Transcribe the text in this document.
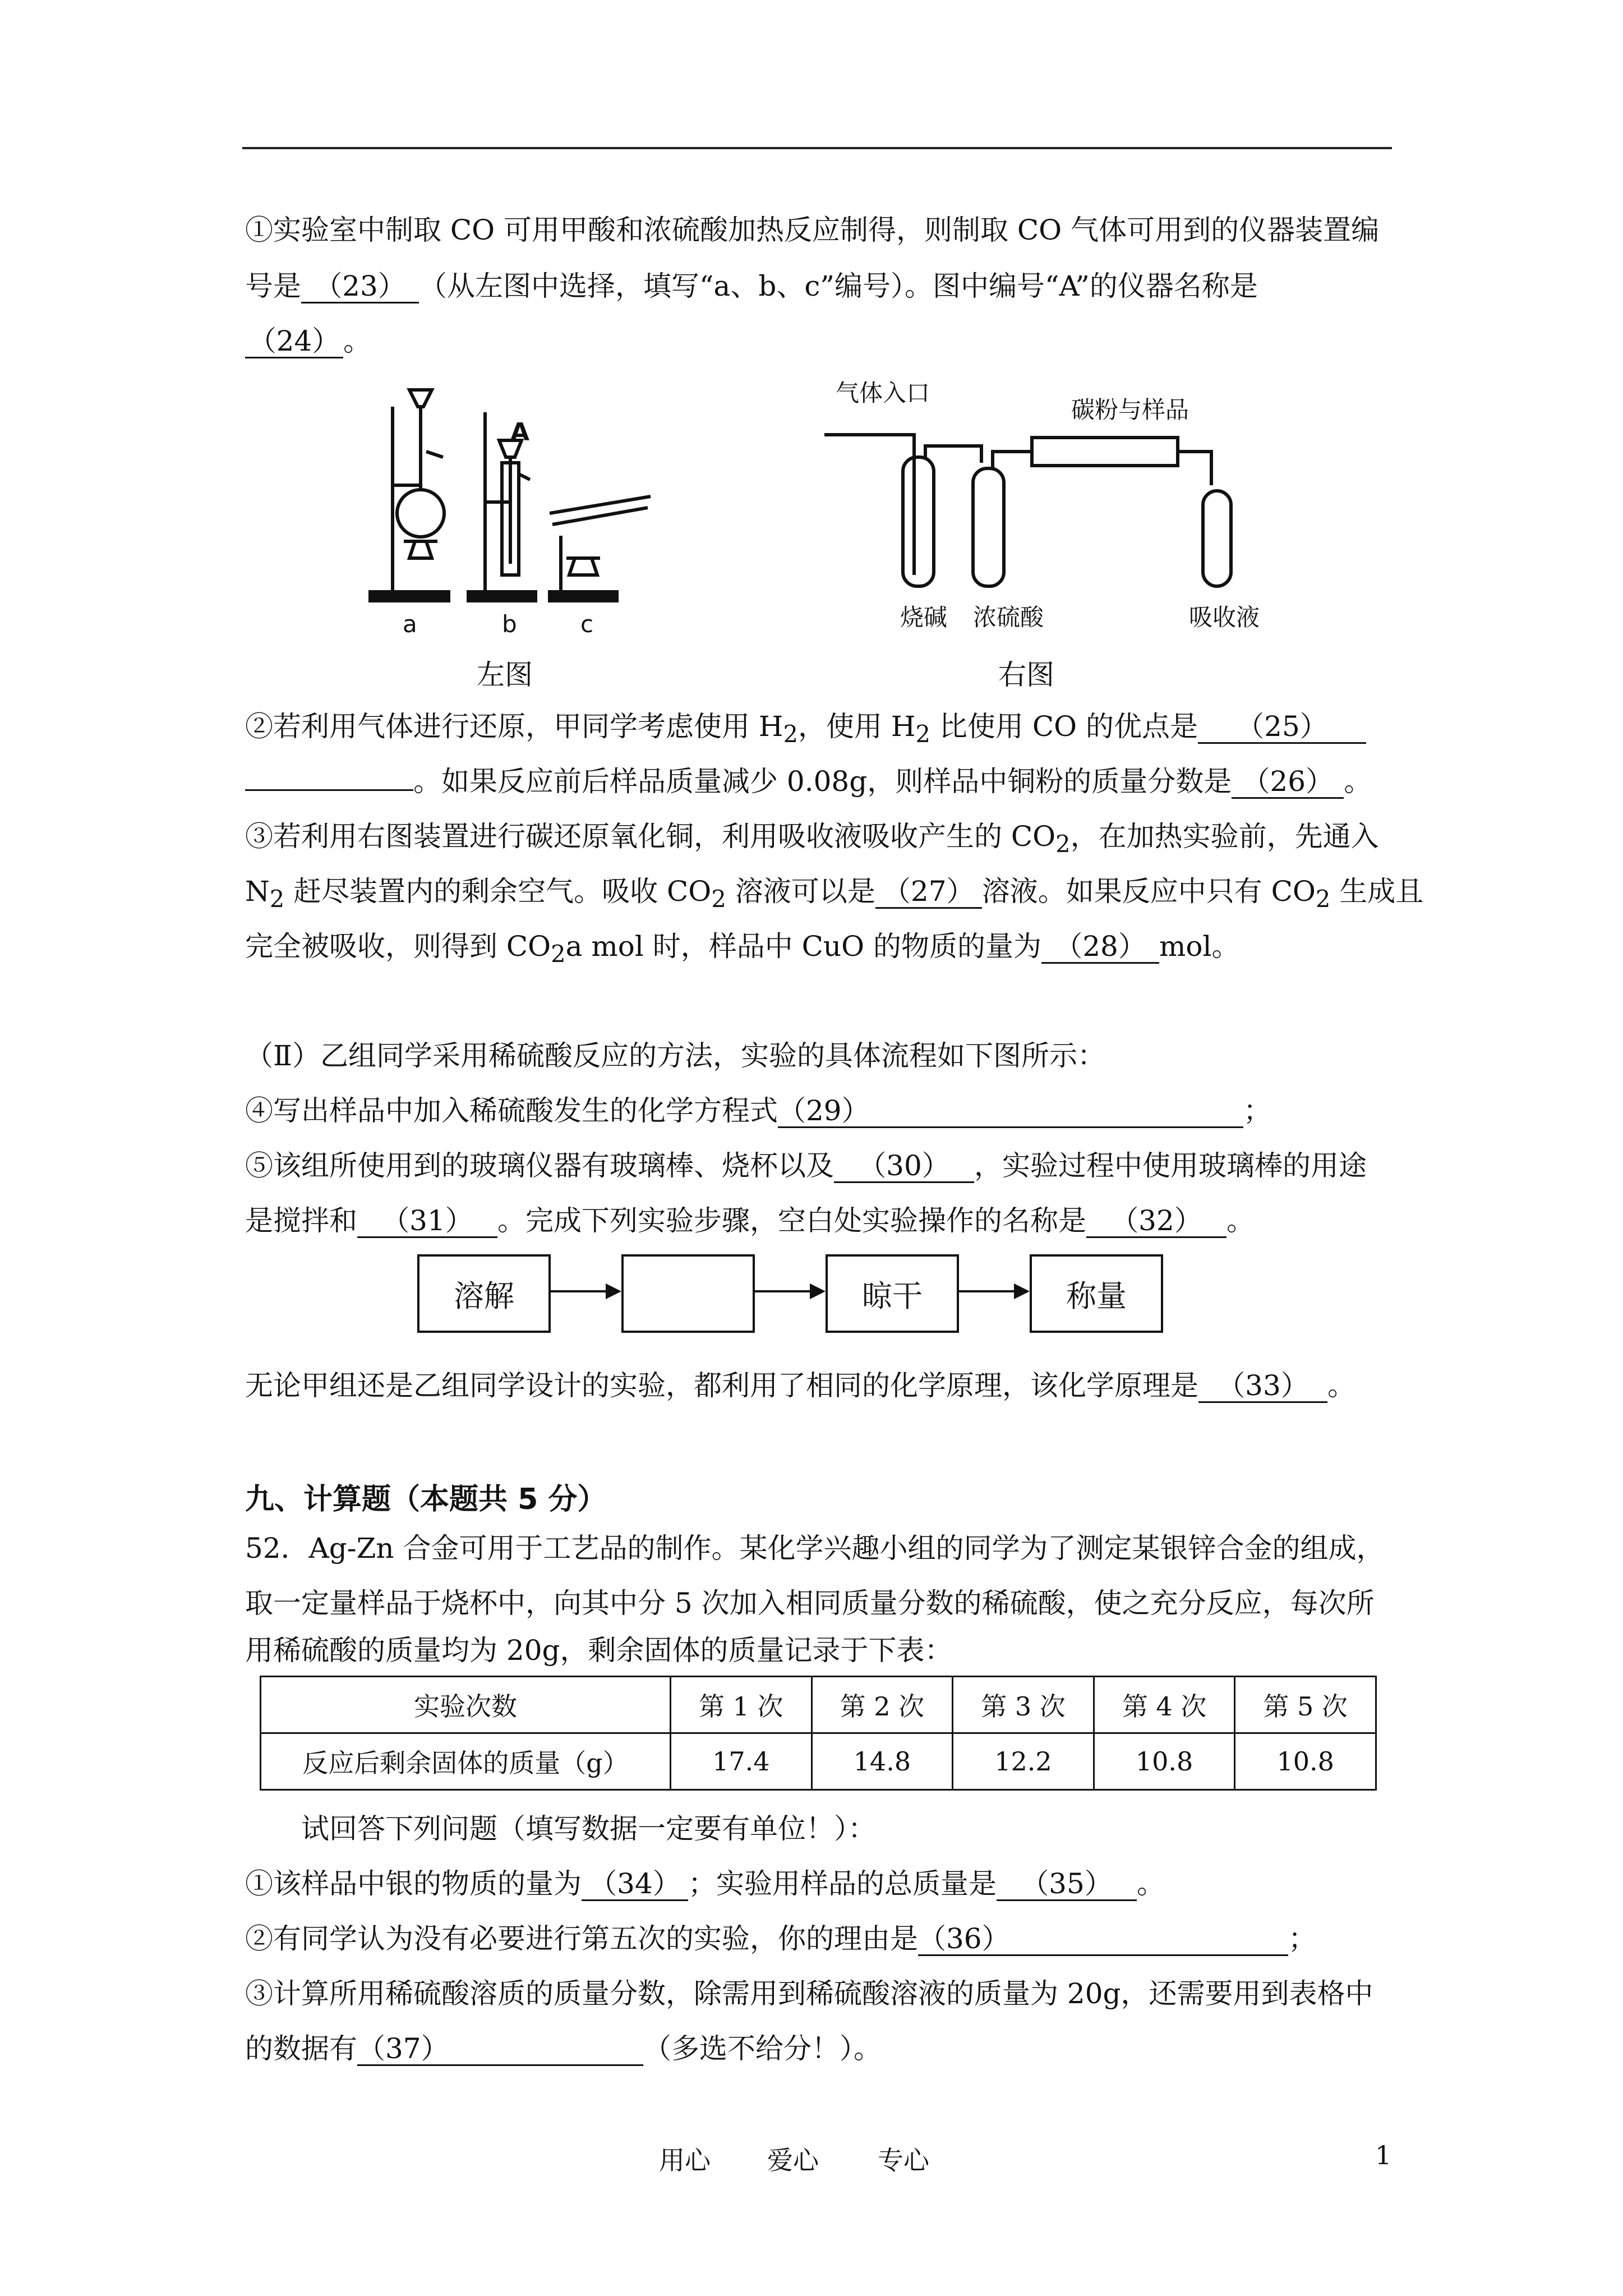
①实验室中制取 CO 可用甲酸和浓硫酸加热反应制得，则制取 CO 气体可用到的仪器装置编
号是 （23） （从左图中选择，填写“a、b、c”编号）。图中编号“A”的仪器名称是
（24） 。
A
a	b	c
左图
气体入口
碳粉与样品
烧碱 浓硫酸	吸收液
右图
②若利用气体进行还原，甲同学考虑使用 $H_2$，使用 $H_2$ 比使用 CO 的优点是 （25）
。如果反应前后样品质量减少 0.08g，则样品中铜粉的质量分数是 （26） 。
③若利用右图装置进行碳还原氧化铜，利用吸收液吸收产生的 $CO_2$，在加热实验前，先通入
$N_2$ 赶尽装置内的剩余空气。吸收 $CO_2$ 溶液可以是 （27） 溶液。如果反应中只有 $CO_2$ 生成且
完全被吸收，则得到 $CO_2a$ mol 时，样品中 CuO 的物质的量为 （28） mol。
（Ⅱ）乙组同学采用稀硫酸反应的方法，实验的具体流程如下图所示：
④写出样品中加入稀硫酸发生的化学方程式（29）	；
⑤该组所使用到的玻璃仪器有玻璃棒、烧杯以及 （30） ，实验过程中使用玻璃棒的用途
是搅拌和 （31） 。完成下列实验步骤，空白处实验操作的名称是 （32） 。
溶解	晾干	称量
无论甲组还是乙组同学设计的实验，都利用了相同的化学原理，该化学原理是 （33） 。
九、计算题（本题共 5 分）
52．Ag-Zn 合金可用于工艺品的制作。某化学兴趣小组的同学为了测定某银锌合金的组成，
取一定量样品于烧杯中，向其中分 5 次加入相同质量分数的稀硫酸，使之充分反应，每次所
用稀硫酸的质量均为 20g，剩余固体的质量记录于下表：
实验次数	第 1 次	第 2 次	第 3 次	第 4 次	第 5 次
反应后剩余固体的质量（g）	17.4	14.8	12.2	10.8	10.8
试回答下列问题（填写数据一定要有单位！）：
①该样品中银的物质的量为 （34） ；实验用样品的总质量是 （35） 。
②有同学认为没有必要进行第五次的实验，你的理由是（36）	；
③计算所用稀硫酸溶质的质量分数，除需用到稀硫酸溶液的质量为 20g，还需要用到表格中
的数据有（37）	（多选不给分！）。
用心 爱心 专心	1
